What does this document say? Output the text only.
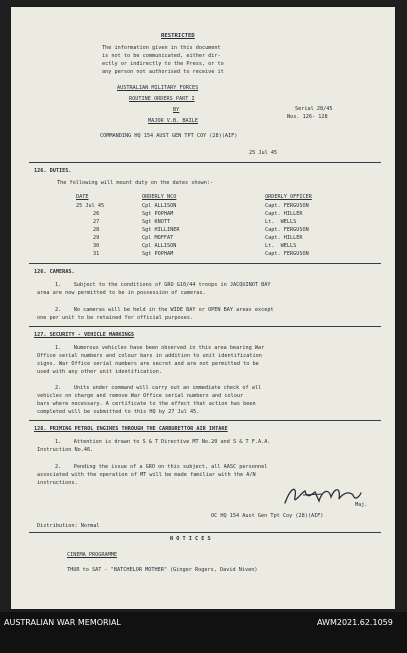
RESTRICTED
The information given in this document
is not to be communicated, either dir-
ectly or indirectly to the Press, or to
any person not authorised to receive it
AUSTRALIAN MILITARY FORCES
ROUTINE ORDERS PART I
BY
MAJOR V.B. BAILE
Serial 28/45
Nos. 126- 128
COMMANDING HQ 154 AUST GEN TPT COY (28)(AIF)
25 Jul 45
126. DUTIES.
The following will mount duty on the dates shown:-
DATE	ORDERLY NCO	ORDERLY OFFICER
25 Jul 45	Cpl ALLISON	Capt. FERGUSON
26	Sgt POPHAM	Capt. HILLER
27	Sgt KNOTT	Lt.  WELLS
28	Sgt HILLINER	Capt. FERGUSON
29	Cpl MOFFAT	Capt. HILLER
30	Cpl ALLISON	Lt.  WELLS
31	Sgt POPHAM	Capt. FERGUSON
126. CAMERAS.
1.    Subject to the conditions of GRO G10/44 troops in JACQUINOT BAY
area are now permitted to be in possession of cameras.
2.    No cameras will be held in the WIDE BAY or OPEN BAY areas except
one per unit to be retained for official purposes.
127. SECURITY - VEHICLE MARKINGS
1.    Numerous vehicles have been observed in this area bearing War
Office serial numbers and colour bars in addition to unit identification
signs. War Office serial numbers are secret and are not permitted to be
used with any other unit identification.
2.    Units under command will carry out an immediate check of all
vehicles on charge and remove War Office serial numbers and colour
bars where necessary. A certificate to the effect that action has been
completed will be submitted to this HQ by 27 Jul 45.
128. PRIMING PETROL ENGINES THROUGH THE CARBURETTOR AIR INTAKE
1.    Attention is drawn to S & T Directive MT No.20 and S & T F.A.A.
Instruction No.46.
2.    Pending the issue of a GRO on this subject, all AASC personnel
associated with the operation of MT will be made familiar with the A/N
instructions.
Maj.
OC HQ 154 Aust Gen Tpt Coy (28)(AIF)
Distribution: Normal
N O T I C E S
CINEMA PROGRAMME
THUR to SAT - "BATCHELOR MOTHER" (Ginger Rogers, David Niven)
AUSTRALIAN WAR MEMORIAL	AWM2021.62.1059
